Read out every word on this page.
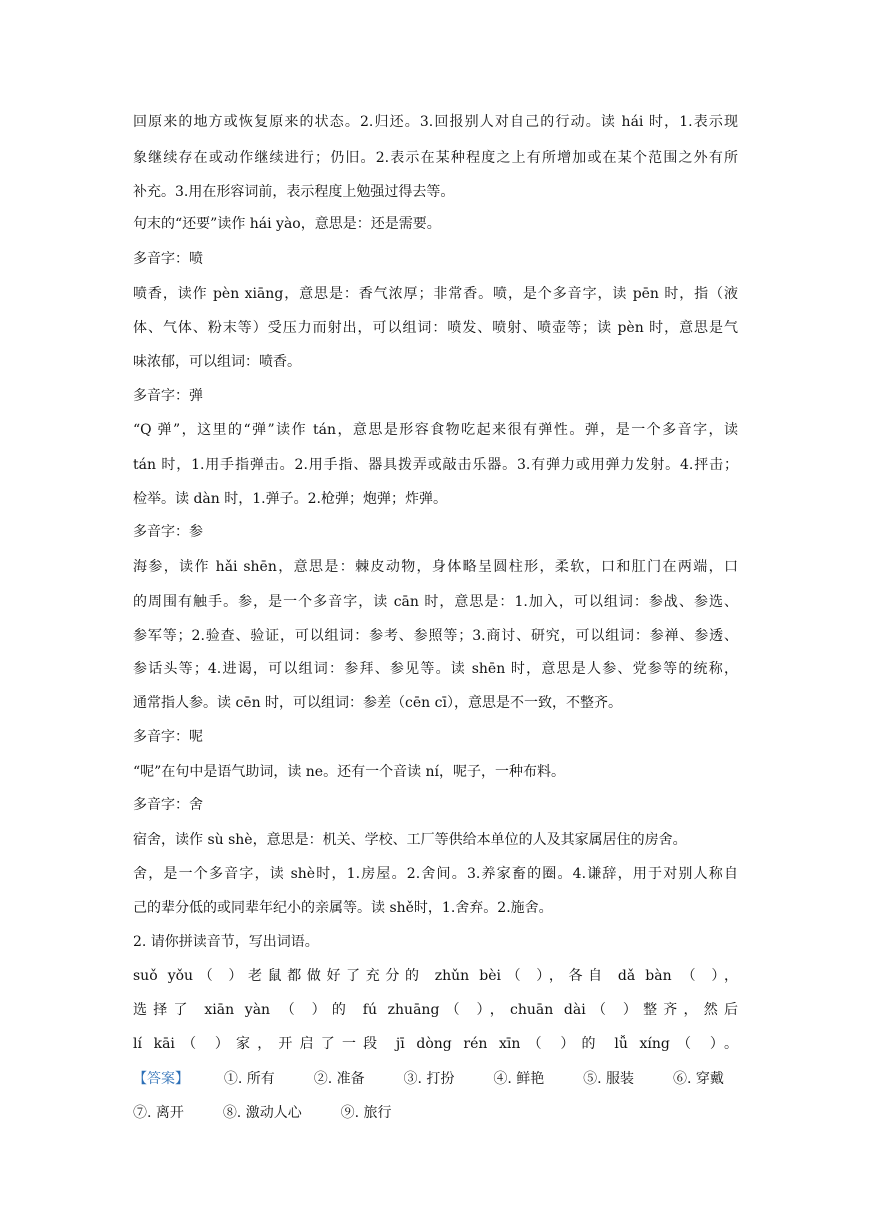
回原来的地方或恢复原来的状态。2.归还。3.回报别人对自己的行动。读 hái 时，1.表示现
象继续存在或动作继续进行；仍旧。2.表示在某种程度之上有所增加或在某个范围之外有所
补充。3.用在形容词前，表示程度上勉强过得去等。
句末的“还要”读作 hái yào，意思是：还是需要。
多音字：喷
喷香，读作 pèn xiāng，意思是：香气浓厚；非常香。喷，是个多音字，读 pēn 时，指（液
体、气体、粉末等）受压力而射出，可以组词：喷发、喷射、喷壶等；读 pèn 时，意思是气
味浓郁，可以组词：喷香。
多音字：弹
“Q 弹”，这里的“弹”读作 tán，意思是形容食物吃起来很有弹性。弹，是一个多音字，读
tán 时，1.用手指弹击。2.用手指、器具拨弄或敲击乐器。3.有弹力或用弹力发射。4.抨击；
检举。读 dàn 时，1.弹子。2.枪弹；炮弹；炸弹。
多音字：参
海参，读作 hǎi shēn，意思是：棘皮动物，身体略呈圆柱形，柔软，口和肛门在两端，口
的周围有触手。参，是一个多音字，读 cān 时，意思是：1.加入，可以组词：参战、参选、
参军等；2.验查、验证，可以组词：参考、参照等；3.商讨、研究，可以组词：参禅、参透、
参话头等；4.进谒，可以组词：参拜、参见等。读 shēn 时，意思是人参、党参等的统称，
通常指人参。读 cēn 时，可以组词：参差（cēn cī），意思是不一致，不整齐。
多音字：呢
“呢”在句中是语气助词，读 ne。还有一个音读 ní，呢子，一种布料。
多音字：舍
宿舍，读作 sù shè，意思是：机关、学校、工厂等供给本单位的人及其家属居住的房舍。
舍，是一个多音字，读 shè时，1.房屋。2.舍间。3.养家畜的圈。4.谦辞，用于对别人称自
己的辈分低的或同辈年纪小的亲属等。读 shě时，1.舍弃。2.施舍。
2. 请你拼读音节，写出词语。
suǒ yǒu（ ）老鼠都做好了充分的 zhǔn bèi（ ），各自 dǎ bàn （ ），
选择了 xiān yàn （ ）的 fú zhuāng（ ），chuān dài（ ）整齐，然后
lí kāi（ ）家，开启了一段 jī dòng rén xīn（ ）的 lǚ xíng（ ）。
【答案】 ①. 所有	②. 准备	③. 打扮	④. 鲜艳	⑤. 服装	⑥. 穿戴
⑦. 离开	⑧. 激动人心	⑨. 旅行
